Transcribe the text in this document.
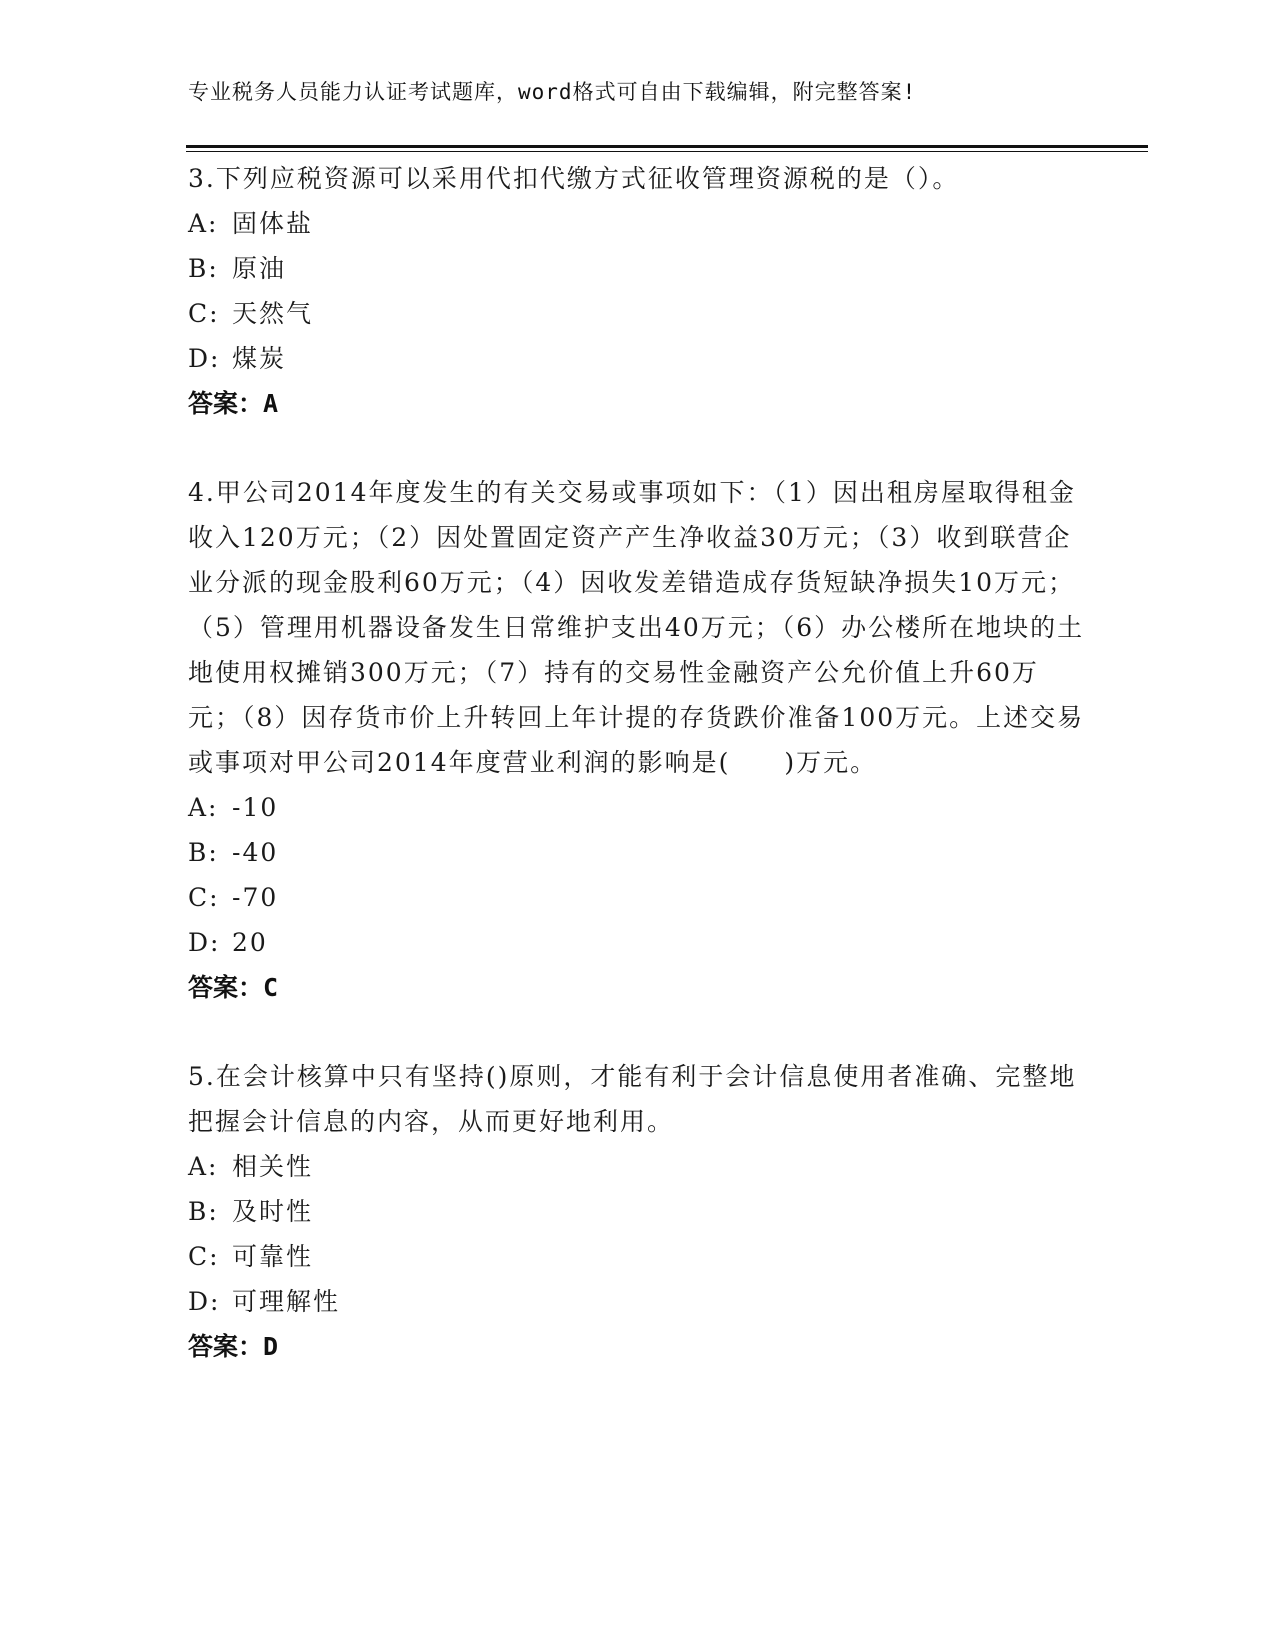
专业税务人员能力认证考试题库，word格式可自由下载编辑，附完整答案!

3.下列应税资源可以采用代扣代缴方式征收管理资源税的是（）。

A: 固体盐

B: 原油

C: 天然气

D: 煤炭

答案：A

4.甲公司2014年度发生的有关交易或事项如下：（1）因出租房屋取得租金收入120万元；（2）因处置固定资产产生净收益30万元；（3）收到联营企业分派的现金股利60万元；（4）因收发差错造成存货短缺净损失10万元；（5）管理用机器设备发生日常维护支出40万元；（6）办公楼所在地块的土地使用权摊销300万元；（7）持有的交易性金融资产公允价值上升60万元；（8）因存货市价上升转回上年计提的存货跌价准备100万元。上述交易或事项对甲公司2014年度营业利润的影响是(　　)万元。

A: -10

B: -40

C: -70

D: 20

答案：C

5.在会计核算中只有坚持()原则，才能有利于会计信息使用者准确、完整地把握会计信息的内容，从而更好地利用。

A: 相关性

B: 及时性

C: 可靠性

D: 可理解性

答案：D
